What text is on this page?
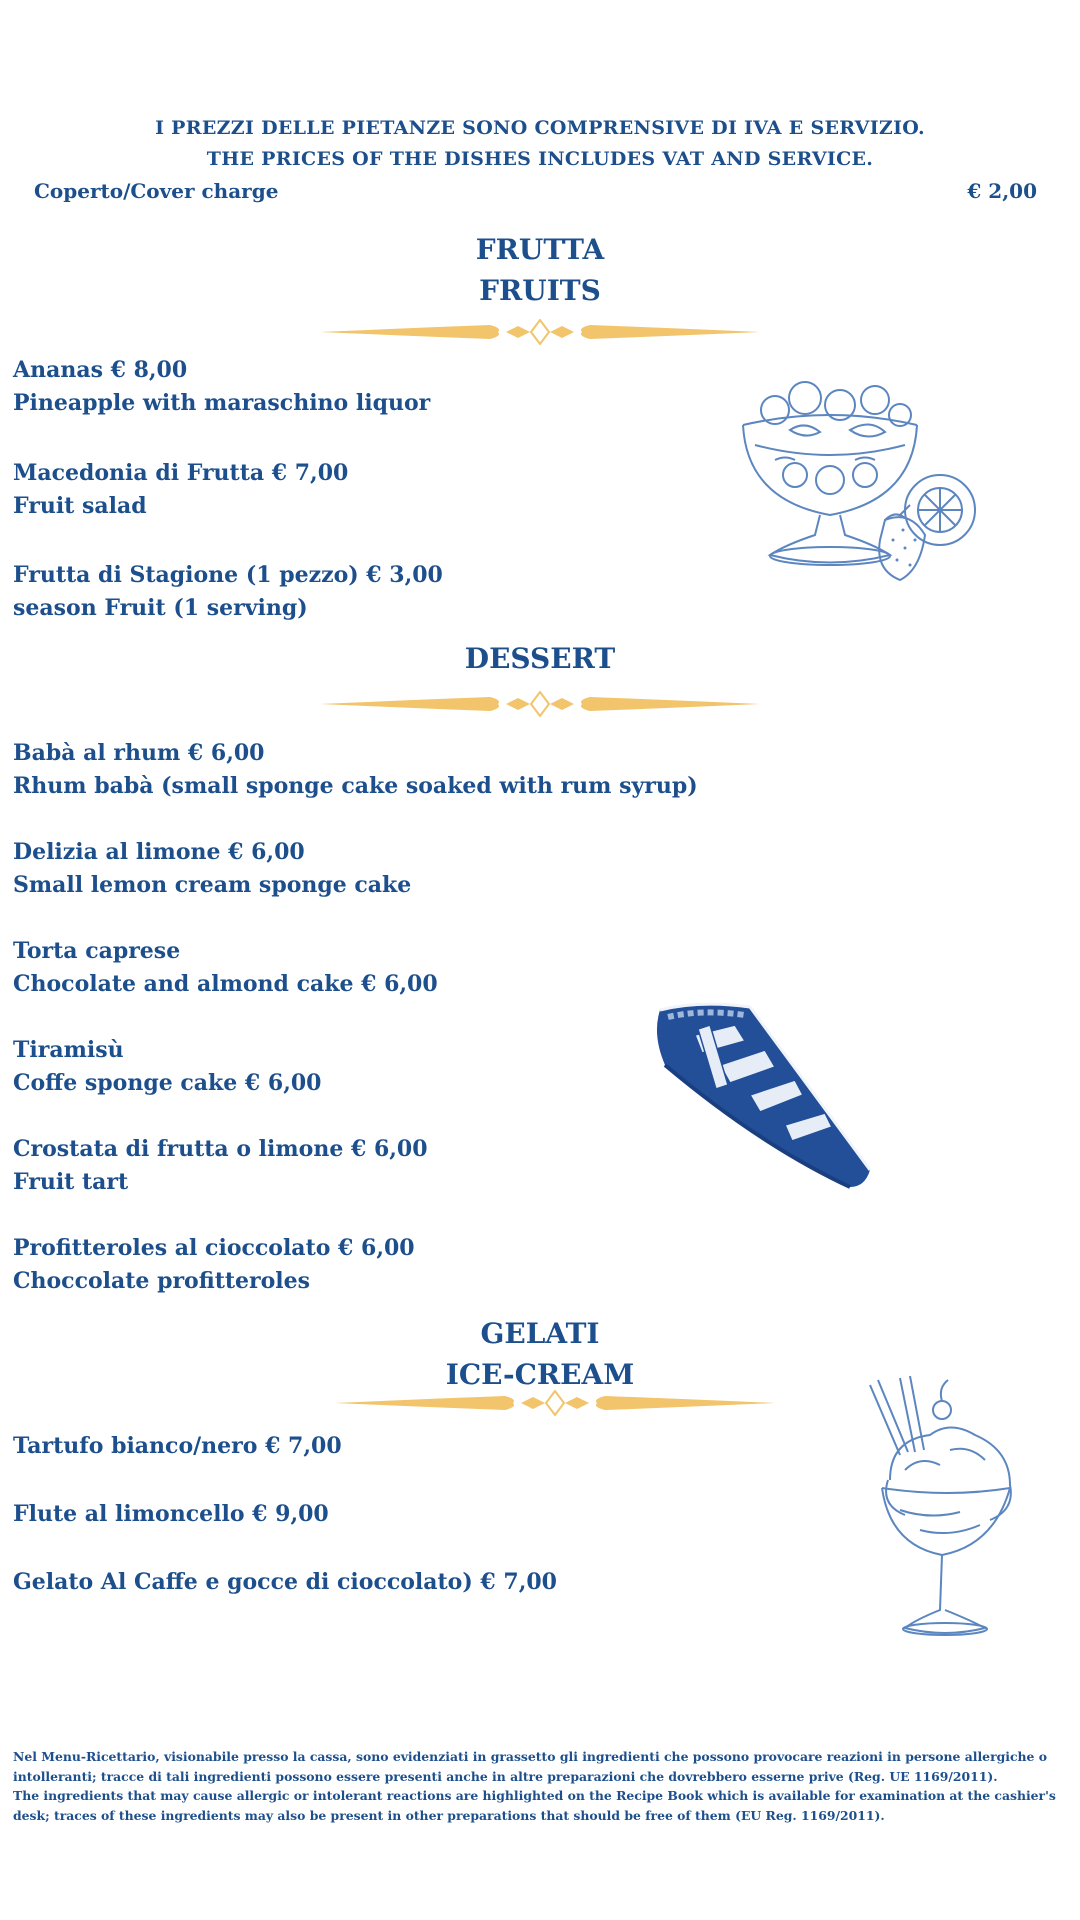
I PREZZI DELLE PIETANZE SONO COMPRENSIVE DI IVA E SERVIZIO.
THE PRICES OF THE DISHES INCLUDES VAT AND SERVICE.
Coperto/Cover charge	€ 2,00
FRUTTA
FRUITS
Ananas € 8,00
Pineapple with maraschino liquor
Macedonia di Frutta € 7,00
Fruit salad
Frutta di Stagione (1 pezzo) € 3,00
season Fruit (1 serving)
DESSERT
Babà al rhum € 6,00
Rhum babà (small sponge cake soaked with rum syrup)
Delizia al limone € 6,00
Small lemon cream sponge cake
Torta caprese
Chocolate and almond cake € 6,00
Tiramisù
Coffe sponge cake € 6,00
Crostata di frutta o limone € 6,00
Fruit tart
Profitteroles al cioccolato € 6,00
Choccolate profitteroles
GELATI
ICE-CREAM
Tartufo bianco/nero € 7,00
Flute al limoncello € 9,00
Gelato Al Caffe e gocce di cioccolato) € 7,00
Nel Menu-Ricettario, visionabile presso la cassa, sono evidenziati in grassetto gli ingredienti che possono provocare reazioni in persone allergiche o intolleranti; tracce di tali ingredienti possono essere presenti anche in altre preparazioni che dovrebbero esserne prive (Reg. UE 1169/2011).
The ingredients that may cause allergic or intolerant reactions are highlighted on the Recipe Book which is available for examination at the cashier's desk; traces of these ingredients may also be present in other preparations that should be free of them (EU Reg. 1169/2011).
